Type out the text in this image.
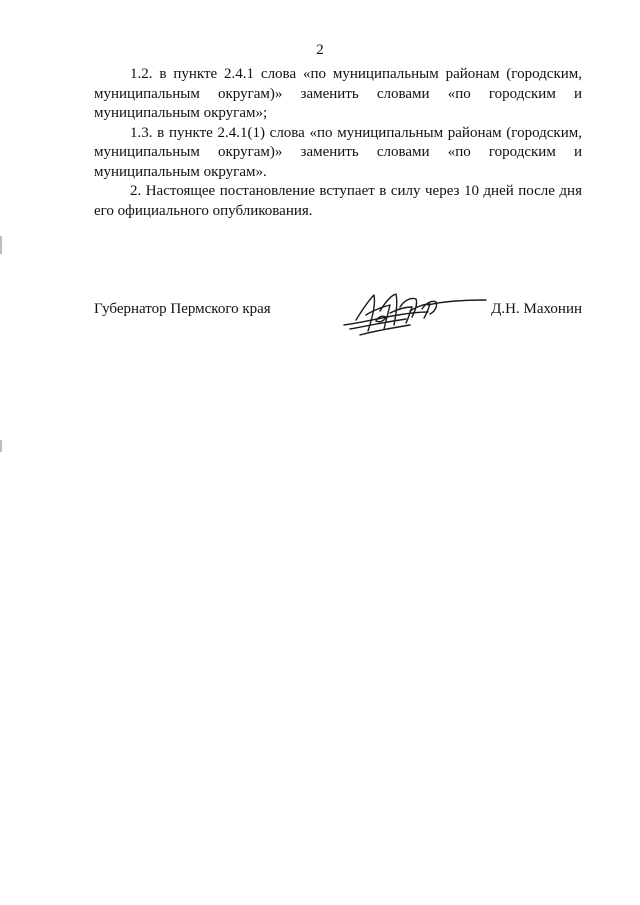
2

1.2. в пункте 2.4.1 слова «по муниципальным районам (городским, муниципальным округам)» заменить словами «по городским и муниципальным округам»;

1.3. в пункте 2.4.1(1) слова «по муниципальным районам (городским, муниципальным округам)» заменить словами «по городским и муниципальным округам».

2. Настоящее постановление вступает в силу через 10 дней после дня его официального опубликования.

Губернатор Пермского края	Д.Н. Махонин
